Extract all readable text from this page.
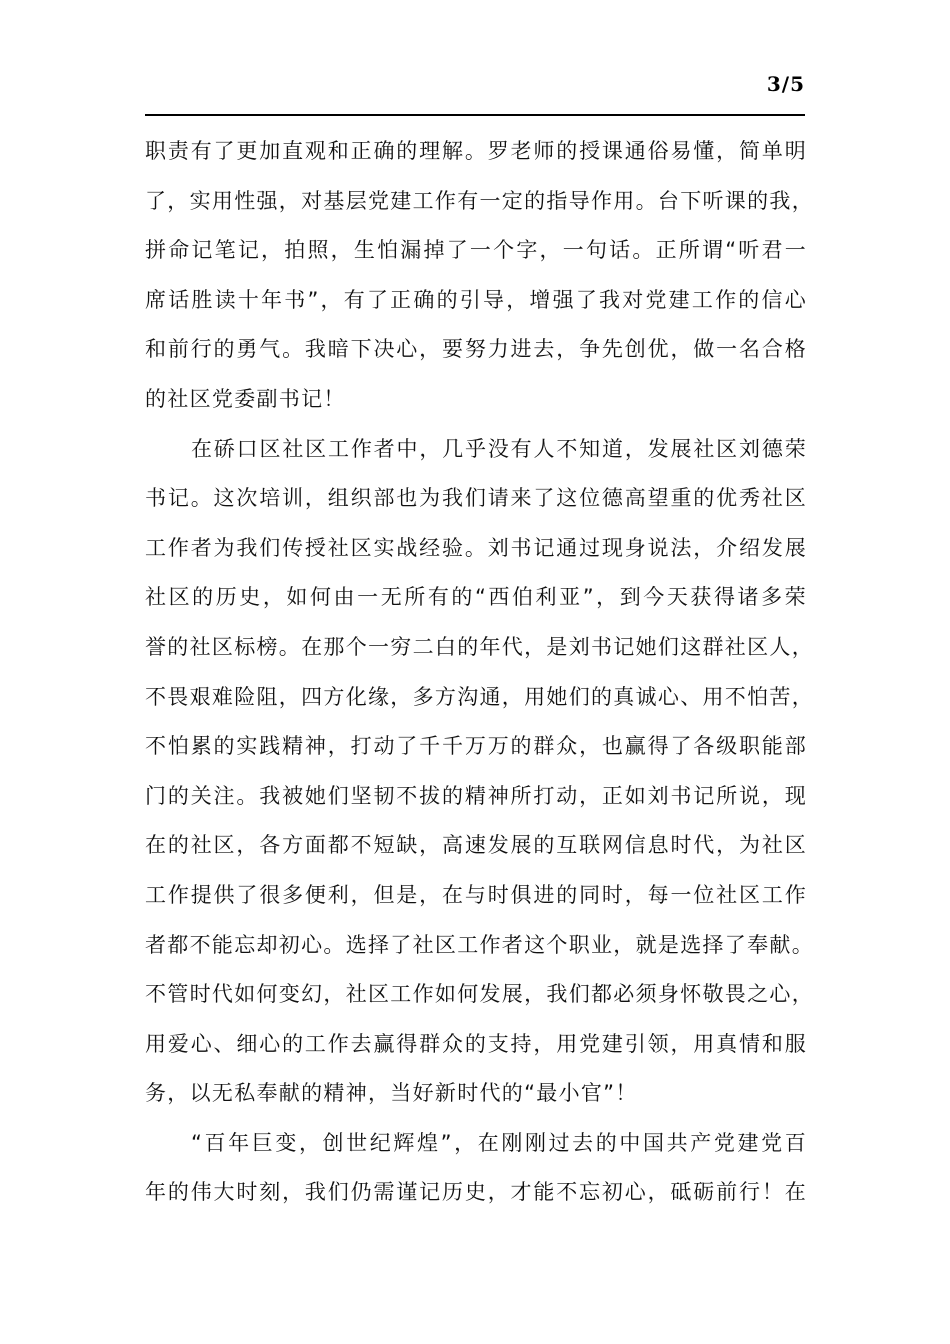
3/5
职责有了更加直观和正确的理解。罗老师的授课通俗易懂，简单明
了，实用性强，对基层党建工作有一定的指导作用。台下听课的我，
拼命记笔记，拍照，生怕漏掉了一个字，一句话。正所谓“听君一
席话胜读十年书”，有了正确的引导，增强了我对党建工作的信心
和前行的勇气。我暗下决心，要努力进去，争先创优，做一名合格
的社区党委副书记！
在硚口区社区工作者中，几乎没有人不知道，发展社区刘德荣
书记。这次培训，组织部也为我们请来了这位德高望重的优秀社区
工作者为我们传授社区实战经验。刘书记通过现身说法，介绍发展
社区的历史，如何由一无所有的“西伯利亚”，到今天获得诸多荣
誉的社区标榜。在那个一穷二白的年代，是刘书记她们这群社区人，
不畏艰难险阻，四方化缘，多方沟通，用她们的真诚心、用不怕苦，
不怕累的实践精神，打动了千千万万的群众，也赢得了各级职能部
门的关注。我被她们坚韧不拔的精神所打动，正如刘书记所说，现
在的社区，各方面都不短缺，高速发展的互联网信息时代，为社区
工作提供了很多便利，但是，在与时俱进的同时，每一位社区工作
者都不能忘却初心。选择了社区工作者这个职业，就是选择了奉献。
不管时代如何变幻，社区工作如何发展，我们都必须身怀敬畏之心，
用爱心、细心的工作去赢得群众的支持，用党建引领，用真情和服
务，以无私奉献的精神，当好新时代的“最小官”！
“百年巨变，创世纪辉煌”，在刚刚过去的中国共产党建党百
年的伟大时刻，我们仍需谨记历史，才能不忘初心，砥砺前行！在
